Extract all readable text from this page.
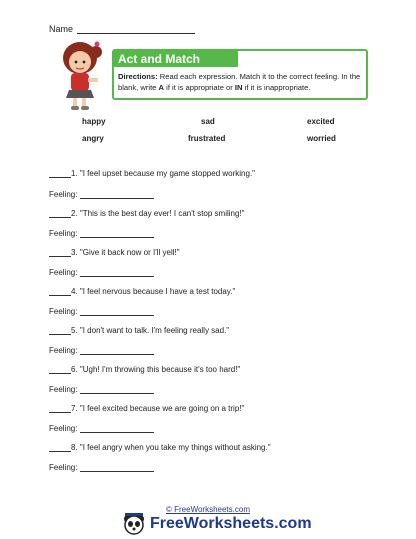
Name
Act and Match
Directions: Read each expression. Match it to the correct feeling. In the blank, write A if it is appropriate or IN if it is inappropriate.
happy	sad	excited
angry	frustrated	worried
1. "I feel upset because my game stopped working."
Feeling:
2. "This is the best day ever! I can't stop smiling!"
Feeling:
3. "Give it back now or I'll yell!"
Feeling:
4. "I feel nervous because I have a test today."
Feeling:
5. "I don't want to talk. I'm feeling really sad."
Feeling:
6. "Ugh! I'm throwing this because it's too hard!"
Feeling:
7. "I feel excited because we are going on a trip!"
Feeling:
8. "I feel angry when you take my things without asking."
Feeling:
© FreeWorksheets.com
FreeWorksheets.com
